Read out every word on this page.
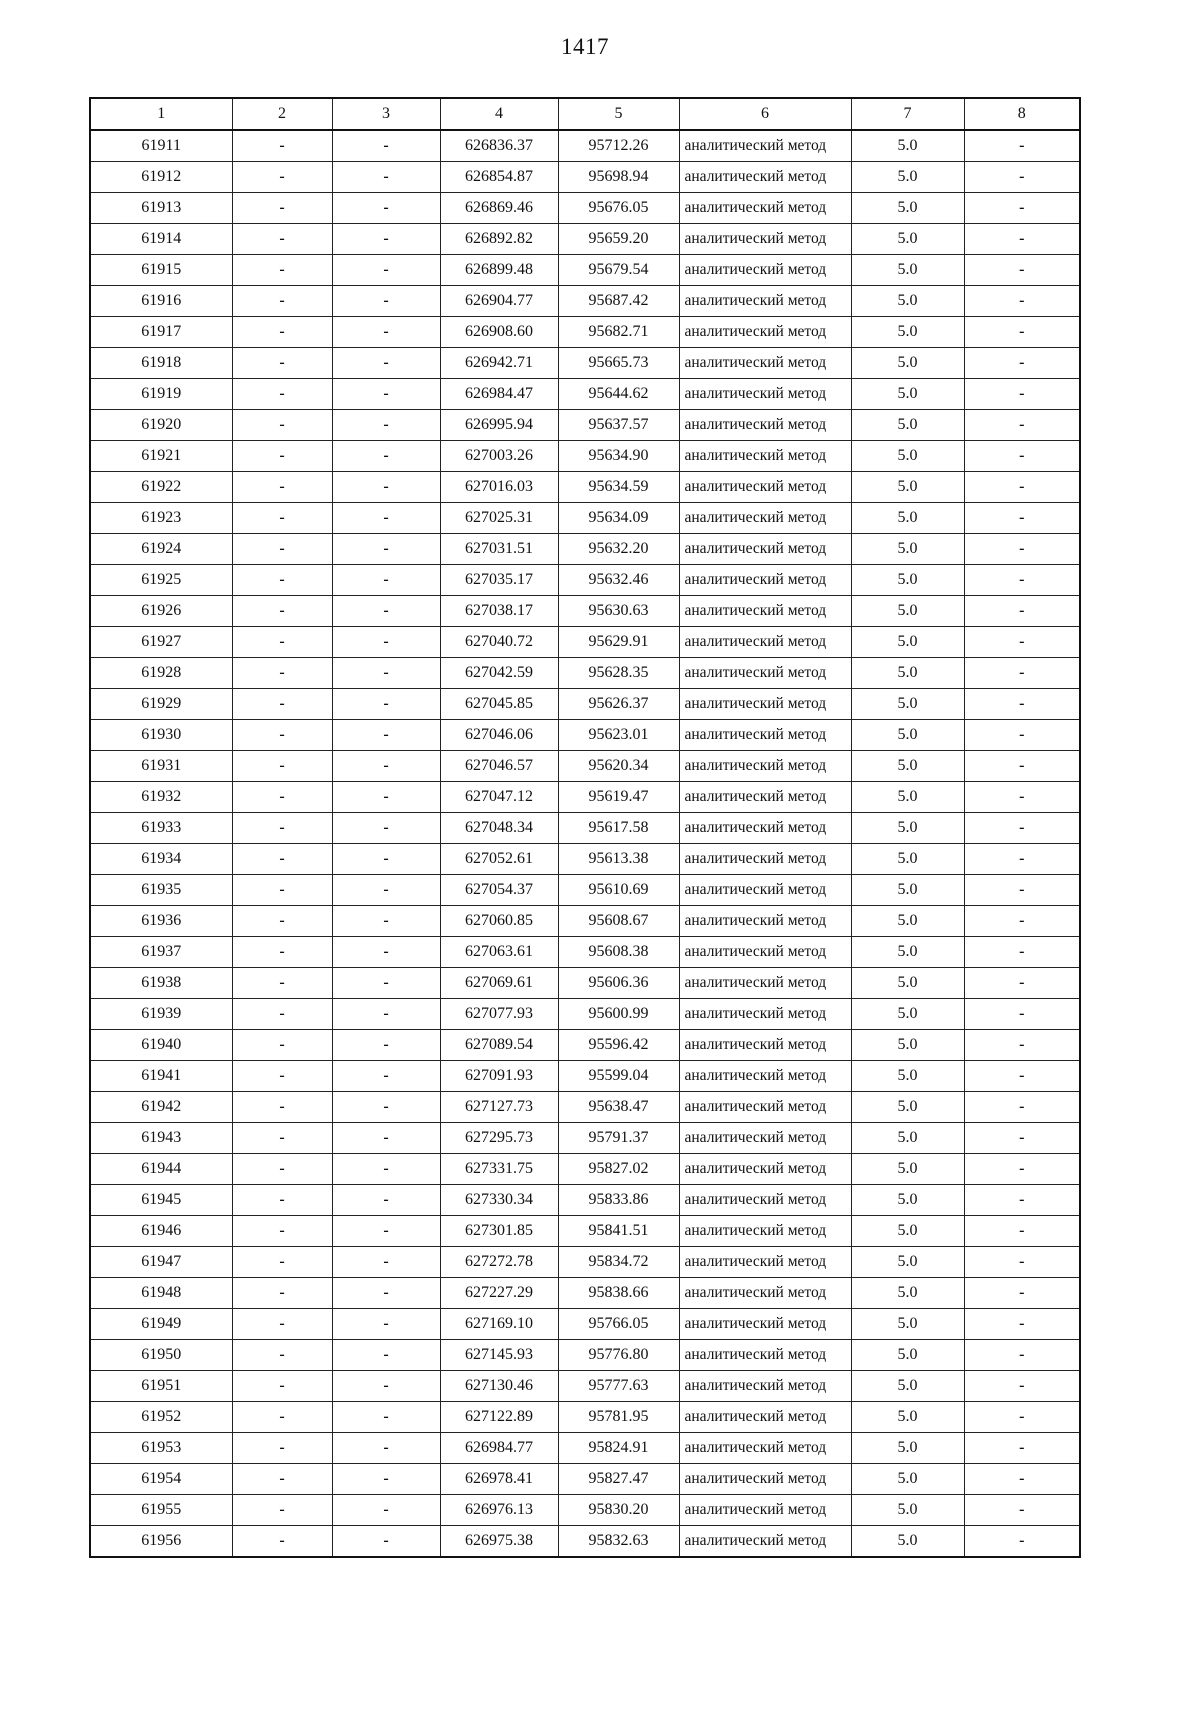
1417
1	2	3	4	5	6	7	8
61911	-	-	626836.37	95712.26	аналитический метод	5.0	-
61912	-	-	626854.87	95698.94	аналитический метод	5.0	-
61913	-	-	626869.46	95676.05	аналитический метод	5.0	-
61914	-	-	626892.82	95659.20	аналитический метод	5.0	-
61915	-	-	626899.48	95679.54	аналитический метод	5.0	-
61916	-	-	626904.77	95687.42	аналитический метод	5.0	-
61917	-	-	626908.60	95682.71	аналитический метод	5.0	-
61918	-	-	626942.71	95665.73	аналитический метод	5.0	-
61919	-	-	626984.47	95644.62	аналитический метод	5.0	-
61920	-	-	626995.94	95637.57	аналитический метод	5.0	-
61921	-	-	627003.26	95634.90	аналитический метод	5.0	-
61922	-	-	627016.03	95634.59	аналитический метод	5.0	-
61923	-	-	627025.31	95634.09	аналитический метод	5.0	-
61924	-	-	627031.51	95632.20	аналитический метод	5.0	-
61925	-	-	627035.17	95632.46	аналитический метод	5.0	-
61926	-	-	627038.17	95630.63	аналитический метод	5.0	-
61927	-	-	627040.72	95629.91	аналитический метод	5.0	-
61928	-	-	627042.59	95628.35	аналитический метод	5.0	-
61929	-	-	627045.85	95626.37	аналитический метод	5.0	-
61930	-	-	627046.06	95623.01	аналитический метод	5.0	-
61931	-	-	627046.57	95620.34	аналитический метод	5.0	-
61932	-	-	627047.12	95619.47	аналитический метод	5.0	-
61933	-	-	627048.34	95617.58	аналитический метод	5.0	-
61934	-	-	627052.61	95613.38	аналитический метод	5.0	-
61935	-	-	627054.37	95610.69	аналитический метод	5.0	-
61936	-	-	627060.85	95608.67	аналитический метод	5.0	-
61937	-	-	627063.61	95608.38	аналитический метод	5.0	-
61938	-	-	627069.61	95606.36	аналитический метод	5.0	-
61939	-	-	627077.93	95600.99	аналитический метод	5.0	-
61940	-	-	627089.54	95596.42	аналитический метод	5.0	-
61941	-	-	627091.93	95599.04	аналитический метод	5.0	-
61942	-	-	627127.73	95638.47	аналитический метод	5.0	-
61943	-	-	627295.73	95791.37	аналитический метод	5.0	-
61944	-	-	627331.75	95827.02	аналитический метод	5.0	-
61945	-	-	627330.34	95833.86	аналитический метод	5.0	-
61946	-	-	627301.85	95841.51	аналитический метод	5.0	-
61947	-	-	627272.78	95834.72	аналитический метод	5.0	-
61948	-	-	627227.29	95838.66	аналитический метод	5.0	-
61949	-	-	627169.10	95766.05	аналитический метод	5.0	-
61950	-	-	627145.93	95776.80	аналитический метод	5.0	-
61951	-	-	627130.46	95777.63	аналитический метод	5.0	-
61952	-	-	627122.89	95781.95	аналитический метод	5.0	-
61953	-	-	626984.77	95824.91	аналитический метод	5.0	-
61954	-	-	626978.41	95827.47	аналитический метод	5.0	-
61955	-	-	626976.13	95830.20	аналитический метод	5.0	-
61956	-	-	626975.38	95832.63	аналитический метод	5.0	-
